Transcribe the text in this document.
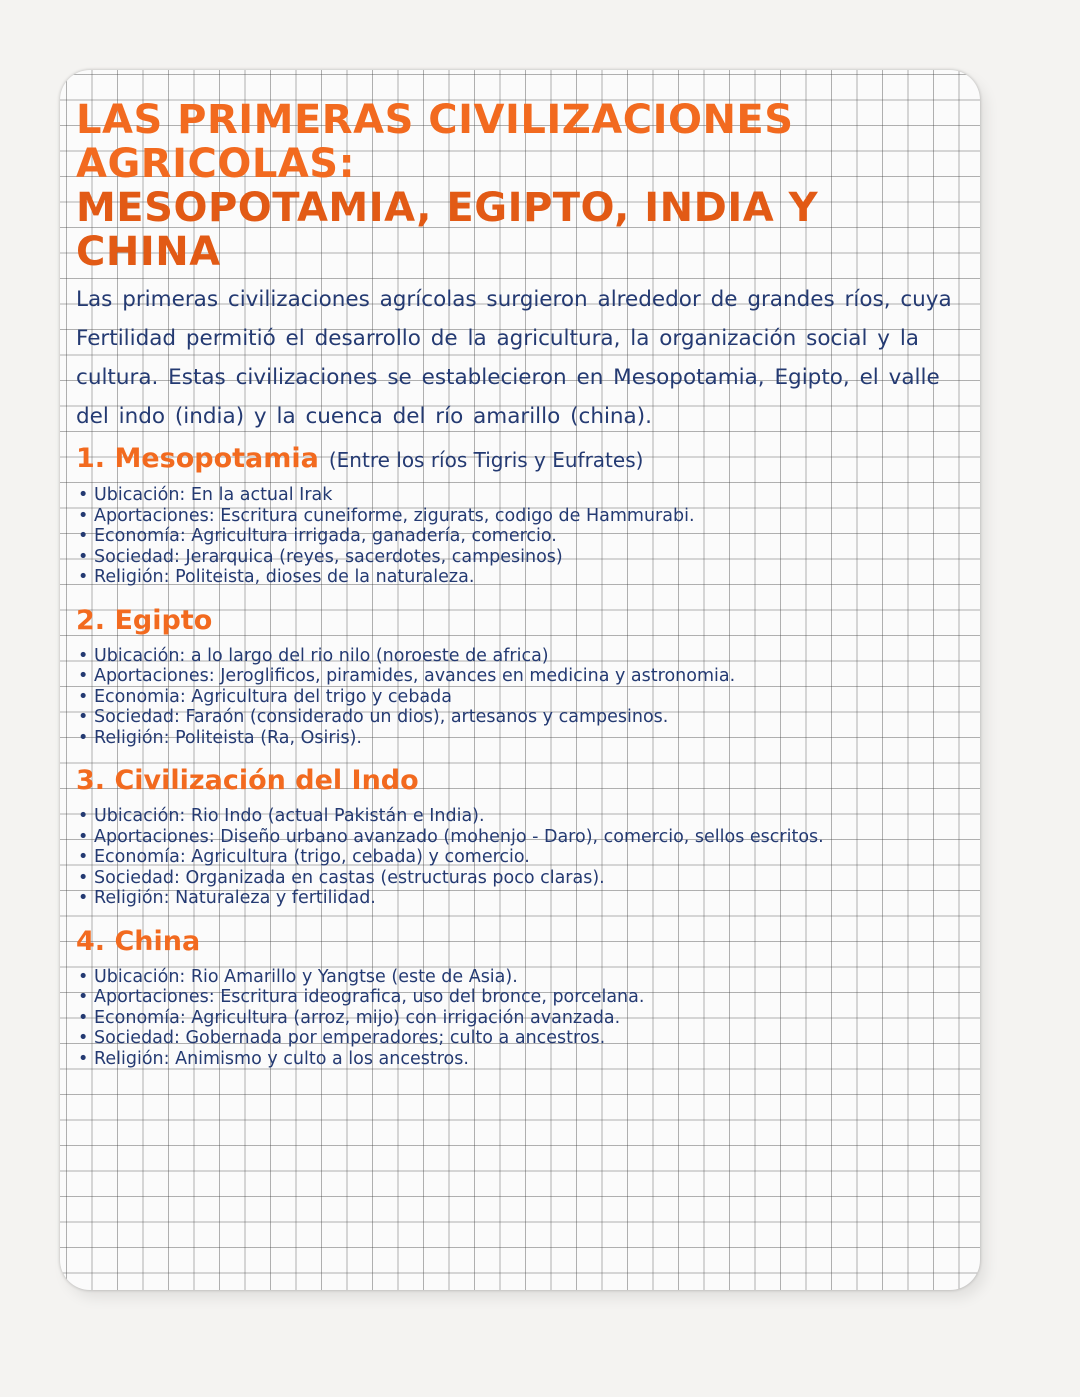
LAS PRIMERAS CIVILIZACIONES AGRICOLAS:
MESOPOTAMIA, EGIPTO, INDIA Y CHINA

Las primeras civilizaciones agrícolas surgieron alrededor de grandes ríos, cuya Fertilidad permitió el desarrollo de la agricultura, la organización social y la cultura. Estas civilizaciones se establecieron en Mesopotamia, Egipto, el valle del indo (india) y la cuenca del río amarillo (china).

1. Mesopotamia (Entre los ríos Tigris y Eufrates)
• Ubicación: En la actual Irak
• Aportaciones: Escritura cuneiforme, zigurats, codigo de Hammurabi.
• Economía: Agricultura irrigada, ganadería, comercio.
• Sociedad: Jerarquica (reyes, sacerdotes, campesinos)
• Religión: Politeista, dioses de la naturaleza.
2. Egipto
• Ubicación: a lo largo del rio nilo (noroeste de africa)
• Aportaciones: Jeroglificos, piramides, avances en medicina y astronomia.
• Economia: Agricultura del trigo y cebada
• Sociedad: Faraón (considerado un dios), artesanos y campesinos.
• Religión: Politeista (Ra, Osiris).
3. Civilización del Indo
• Ubicación: Rio Indo (actual Pakistán e India).
• Aportaciones: Diseño urbano avanzado (mohenjo - Daro), comercio, sellos escritos.
• Economía: Agricultura (trigo, cebada) y comercio.
• Sociedad: Organizada en castas (estructuras poco claras).
• Religión: Naturaleza y fertilidad.
4. China
• Ubicación: Rio Amarillo y Yangtse (este de Asia).
• Aportaciones: Escritura ideografica, uso del bronce, porcelana.
• Economía: Agricultura (arroz, mijo) con irrigación avanzada.
• Sociedad: Gobernada por emperadores; culto a ancestros.
• Religión: Animismo y culto a los ancestros.
